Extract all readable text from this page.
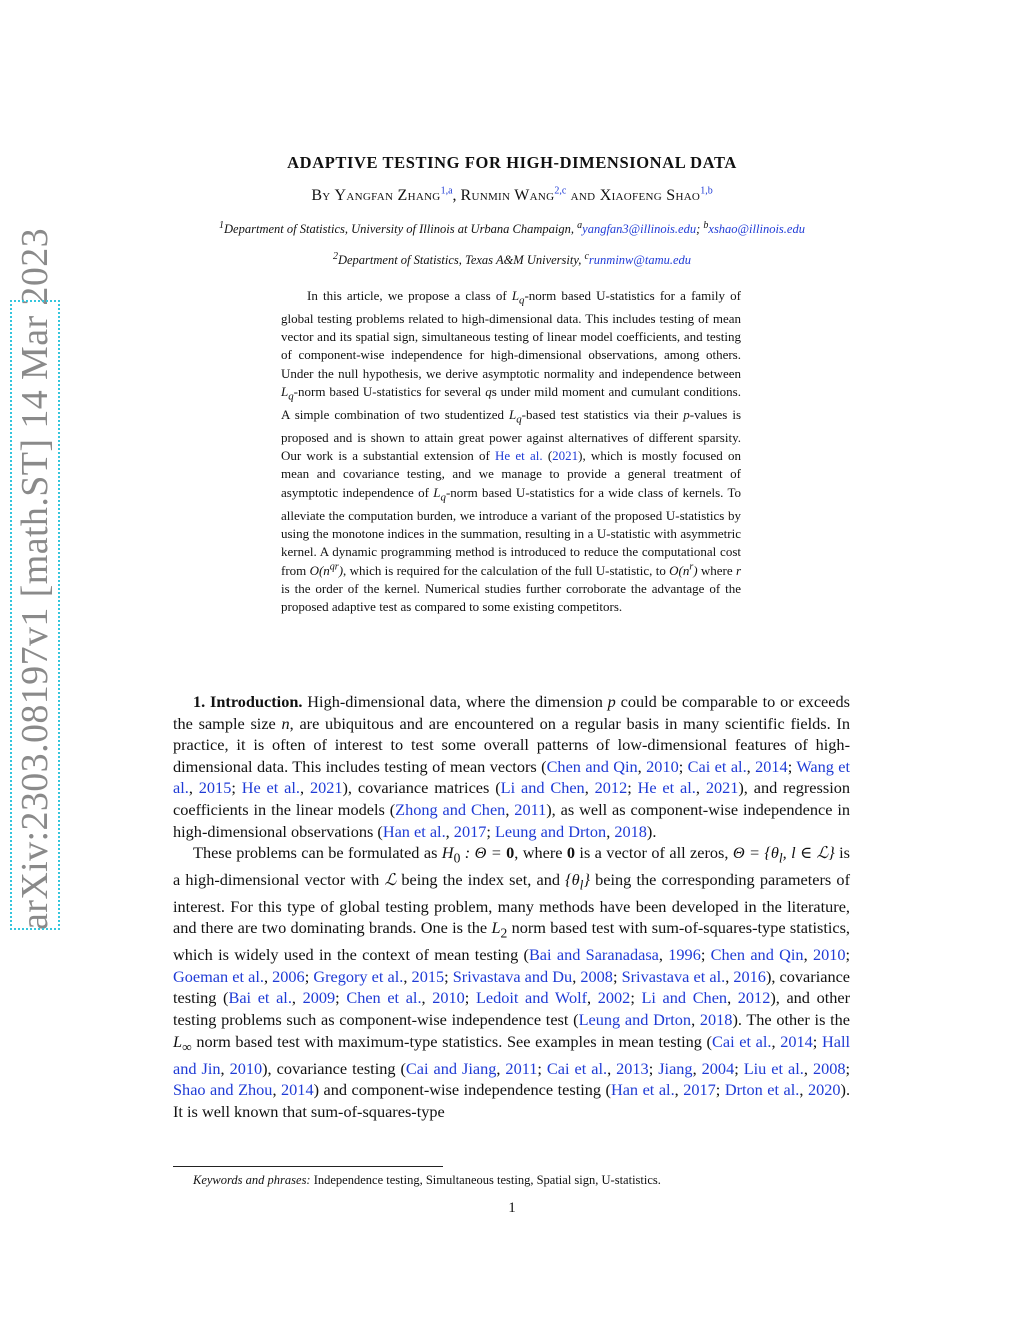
arXiv:2303.08197v1 [math.ST] 14 Mar 2023
ADAPTIVE TESTING FOR HIGH-DIMENSIONAL DATA
By Yangfan Zhang$^{1,a}$, Runmin Wang$^{2,c}$ and Xiaofeng Shao$^{1,b}$
$^1$Department of Statistics, University of Illinois at Urbana Champaign, $^a$yangfan3@illinois.edu; $^b$xshao@illinois.edu
$^2$Department of Statistics, Texas A&M University, $^c$runminw@tamu.edu

In this article, we propose a class of $L_q$-norm based U-statistics for a family of global testing problems related to high-dimensional data. This includes testing of mean vector and its spatial sign, simultaneous testing of linear model coefficients, and testing of component-wise independence for high-dimensional observations, among others. Under the null hypothesis, we derive asymptotic normality and independence between $L_q$-norm based U-statistics for several qs under mild moment and cumulant conditions. A simple combination of two studentized $L_q$-based test statistics via their p-values is proposed and is shown to attain great power against alternatives of different sparsity. Our work is a substantial extension of He et al. (2021), which is mostly focused on mean and covariance testing, and we manage to provide a general treatment of asymptotic independence of $L_q$-norm based U-statistics for a wide class of kernels. To alleviate the computation burden, we introduce a variant of the proposed U-statistics by using the monotone indices in the summation, resulting in a U-statistic with asymmetric kernel. A dynamic programming method is introduced to reduce the computational cost from $O(n^{qr})$, which is required for the calculation of the full U-statistic, to $O(n^r)$ where r is the order of the kernel. Numerical studies further corroborate the advantage of the proposed adaptive test as compared to some existing competitors.

1. Introduction. High-dimensional data, where the dimension p could be comparable to or exceeds the sample size n, are ubiquitous and are encountered on a regular basis in many scientific fields. In practice, it is often of interest to test some overall patterns of low-dimensional features of high-dimensional data. This includes testing of mean vectors (Chen and Qin, 2010; Cai et al., 2014; Wang et al., 2015; He et al., 2021), covariance matrices (Li and Chen, 2012; He et al., 2021), and regression coefficients in the linear models (Zhong and Chen, 2011), as well as component-wise independence in high-dimensional observations (Han et al., 2017; Leung and Drton, 2018).

These problems can be formulated as $H_0$ : Θ = 0, where 0 is a vector of all zeros, $\Theta = \{\theta_l$, l ∈ ℒ} is a high-dimensional vector with ℒ being the index set, and $\{\theta_l\}$ being the corresponding parameters of interest. For this type of global testing problem, many methods have been developed in the literature, and there are two dominating brands. One is the $L_2$ norm based test with sum-of-squares-type statistics, which is widely used in the context of mean testing (Bai and Saranadasa, 1996; Chen and Qin, 2010; Goeman et al., 2006; Gregory et al., 2015; Srivastava and Du, 2008; Srivastava et al., 2016), covariance testing (Bai et al., 2009; Chen et al., 2010; Ledoit and Wolf, 2002; Li and Chen, 2012), and other testing problems such as component-wise independence test (Leung and Drton, 2018). The other is the $L_\infty$ norm based test with maximum-type statistics. See examples in mean testing (Cai et al., 2014; Hall and Jin, 2010), covariance testing (Cai and Jiang, 2011; Cai et al., 2013; Jiang, 2004; Liu et al., 2008; Shao and Zhou, 2014) and component-wise independence testing (Han et al., 2017; Drton et al., 2020). It is well known that sum-of-squares-type

Keywords and phrases: Independence testing, Simultaneous testing, Spatial sign, U-statistics.
1
